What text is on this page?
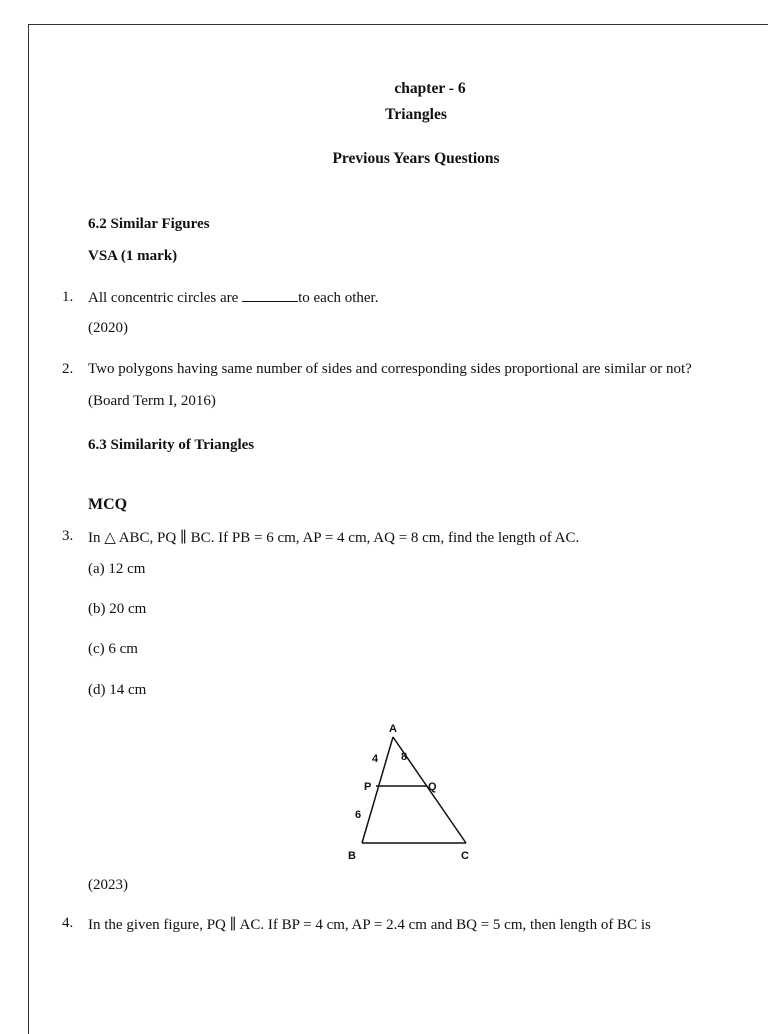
chapter - 6
Triangles
Previous Years Questions
6.2 Similar Figures
VSA (1 mark)
1. All concentric circles are	to each other.
(2020)
2. Two polygons having same number of sides and corresponding sides proportional are similar or not?
(Board Term I, 2016)
6.3 Similarity of Triangles
MCQ
3. In △ ABC, PQ ∥ BC. If PB = 6 cm, AP = 4 cm, AQ = 8 cm, find the length of AC.
(a) 12 cm
(b) 20 cm
(c) 6 cm
(d) 14 cm
A
B	C
P	Q
4 8
6
(2023)
4. In the given figure, PQ ∥ AC. If BP = 4 cm, AP = 2.4 cm and BQ = 5 cm, then length of BC is
